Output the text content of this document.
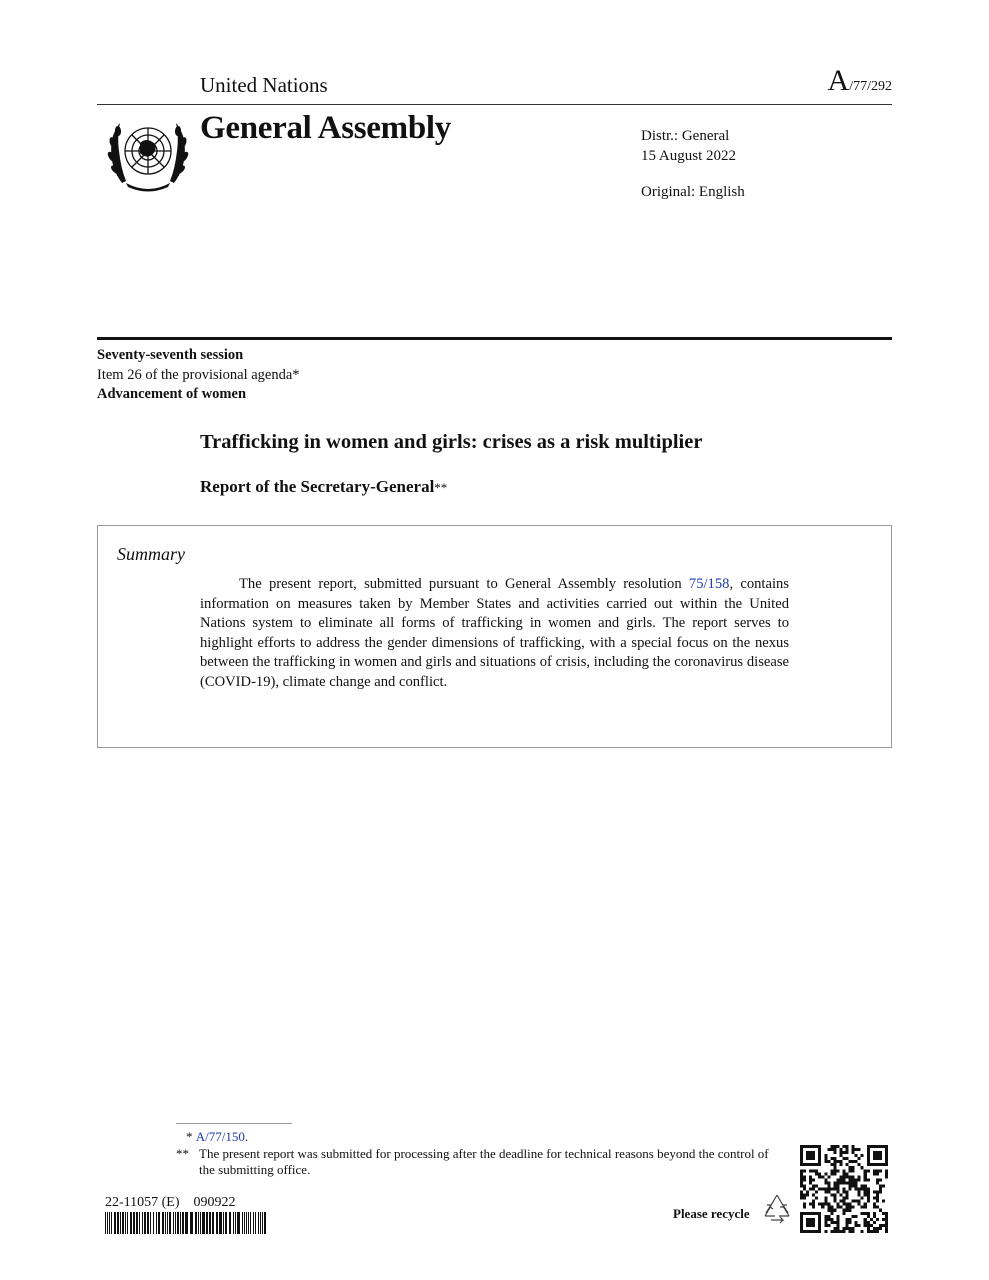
United Nations	A/77/292
General Assembly	Distr.: General
15 August 2022
Original: English
Seventy-seventh session
Item 26 of the provisional agenda*
Advancement of women
Trafficking in women and girls: crises as a risk multiplier
Report of the Secretary-General**
Summary
The present report, submitted pursuant to General Assembly resolution 75/158, contains information on measures taken by Member States and activities carried out within the United Nations system to eliminate all forms of trafficking in women and girls. The report serves to highlight efforts to address the gender dimensions of trafficking, with a special focus on the nexus between the trafficking in women and girls and situations of crisis, including the coronavirus disease (COVID-19), climate change and conflict.
* A/77/150.
** The present report was submitted for processing after the deadline for technical reasons beyond the control of the submitting office.
22-11057 (E)    090922
Please recycle
